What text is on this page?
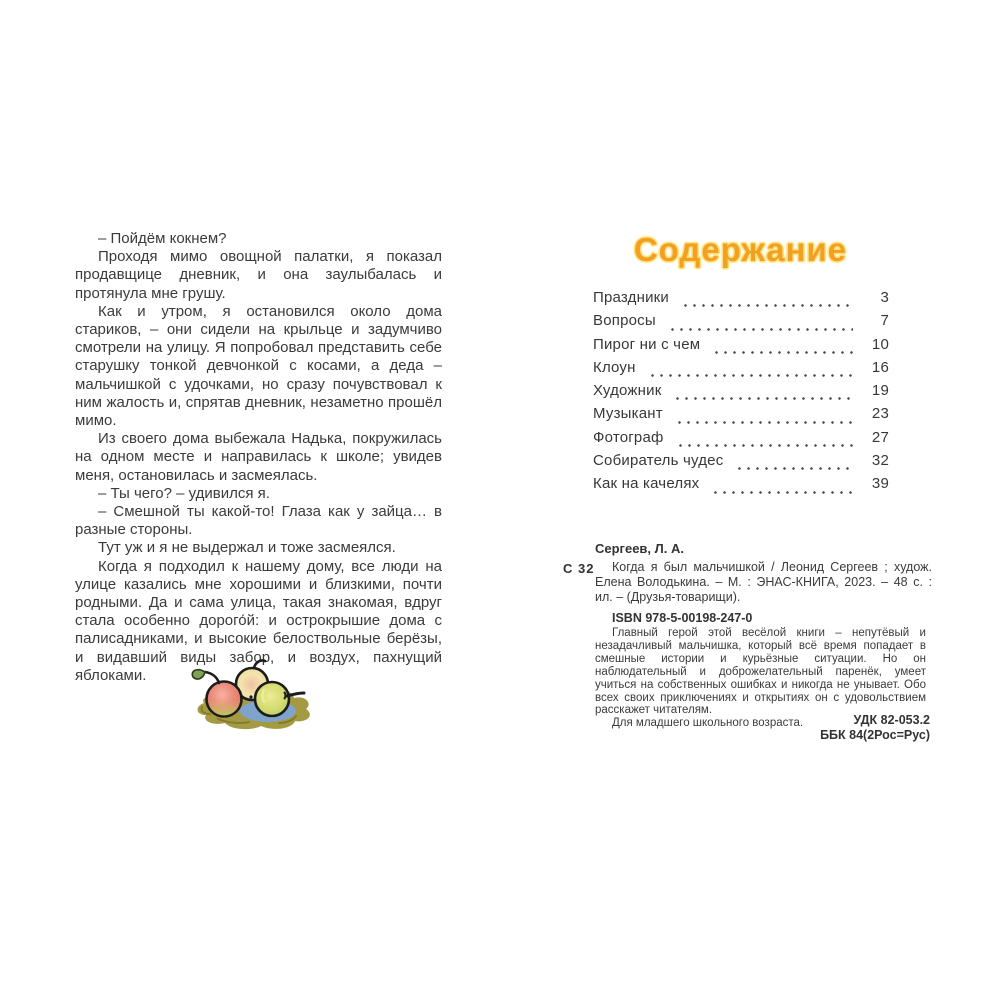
– Пойдём кокнем?

Проходя мимо овощной палатки, я показал продавщице дневник, и она заулыбалась и протянула мне грушу.

Как и утром, я остановился около дома стариков, – они сидели на крыльце и задумчиво смотрели на улицу. Я попробовал представить себе старушку тонкой девчонкой с косами, а деда – мальчишкой с удочками, но сразу почувствовал к ним жалость и, спрятав дневник, незаметно прошёл мимо.

Из своего дома выбежала Надька, покружилась на одном месте и направилась к школе; увидев меня, остановилась и засмеялась.

– Ты чего? – удивился я.

– Смешной ты какой-то! Глаза как у зайца… в разные стороны.

Тут уж и я не выдержал и тоже засмеялся.

Когда я подходил к нашему дому, все люди на улице казались мне хорошими и близкими, почти родными. Да и сама улица, такая знакомая, вдруг стала особенно дорого́й: и острокрышие дома с палисадниками, и высокие белоствольные берёзы, и видавший виды забор, и воздух, пахнущий яблоками.

Содержание
Праздники	3
Вопросы	7
Пирог ни с чем	10
Клоун	16
Художник	19
Музыкант	23
Фотограф	27
Собиратель чудес	32
Как на качелях	39
Сергеев, Л. А.
С 32	Когда я был мальчишкой / Леонид Сергеев ; худож. Елена Володькина. – М. : ЭНАС-КНИГА, 2023. – 48 с. : ил. – (Друзья-товарищи).
ISBN 978-5-00198-247-0

Главный герой этой весёлой книги – непутёвый и незадачливый мальчишка, который всё время попадает в смешные истории и курьёзные ситуации. Но он наблюдательный и доброжелательный паренёк, умеет учиться на собственных ошибках и никогда не унывает. Обо всех своих приключениях и открытиях он с удовольствием расскажет читателям.

Для младшего школьного возраста.	УДК 82-053.2
ББК 84(2Рос=Рус)
